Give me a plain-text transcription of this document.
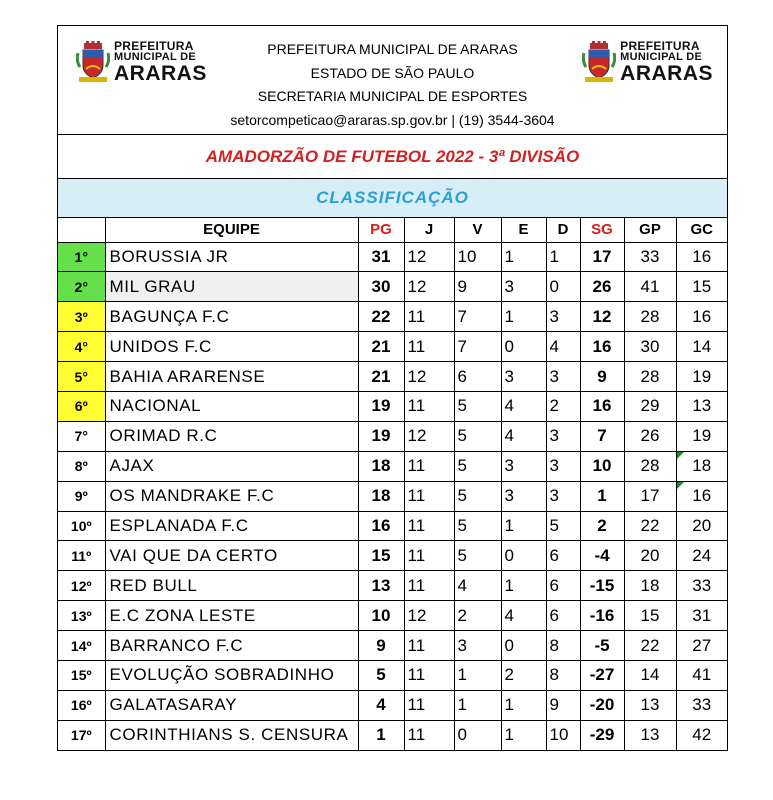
PREFEITURA
MUNICIPAL DE
ARARAS
PREFEITURA MUNICIPAL DE ARARAS
ESTADO DE SÃO PAULO
SECRETARIA MUNICIPAL DE ESPORTES
setorcompeticao@araras.sp.gov.br | (19) 3544-3604
PREFEITURA
MUNICIPAL DE
ARARAS
AMADORZÃO DE FUTEBOL 2022 - 3ª DIVISÃO
CLASSIFICAÇÃO
	EQUIPE	PG	J	V	E	D	SG	GP	GC
1°	BORUSSIA JR	31	12	10	1	1	17	33	16
2°	MIL GRAU	30	12	9	3	0	26	41	15
3º	BAGUNÇA F.C	22	11	7	1	3	12	28	16
4°	UNIDOS F.C	21	11	7	0	4	16	30	14
5°	BAHIA ARARENSE	21	12	6	3	3	9	28	19
6º	NACIONAL	19	11	5	4	2	16	29	13
7°	ORIMAD R.C	19	12	5	4	3	7	26	19
8º	AJAX	18	11	5	3	3	10	28	18

9º	OS MANDRAKE F.C	18	11	5	3	3	1	17	16

10º	ESPLANADA F.C	16	11	5	1	5	2	22	20
11º	VAI QUE DA CERTO	15	11	5	0	6	-4	20	24
12º	RED BULL	13	11	4	1	6	-15	18	33
13º	E.C ZONA LESTE	10	12	2	4	6	-16	15	31
14º	BARRANCO F.C	9	11	3	0	8	-5	22	27
15º	EVOLUÇÃO SOBRADINHO	5	11	1	2	8	-27	14	41
16º	GALATASARAY	4	11	1	1	9	-20	13	33
17º	CORINTHIANS S. CENSURA	1	11	0	1	10	-29	13	42
